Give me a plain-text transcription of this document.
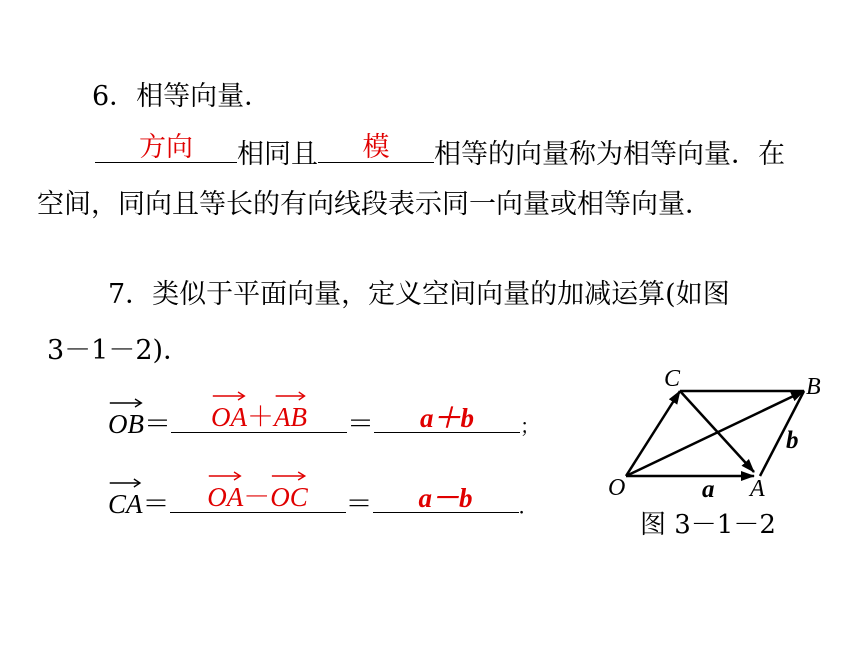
6．相等向量．
方向	相同且	模	相等的向量称为相等向量．在
空间，同向且等长的有向线段表示同一向量或相等向量．
7．类似于平面向量，定义空间向量的加减运算(如图
3－1－2)．
OB＝	OA＋
AB	＝	a＋b	；
CA＝	OA－
OC	＝	a－b	．
O	A
B
C
a
b
图 3－1－2
